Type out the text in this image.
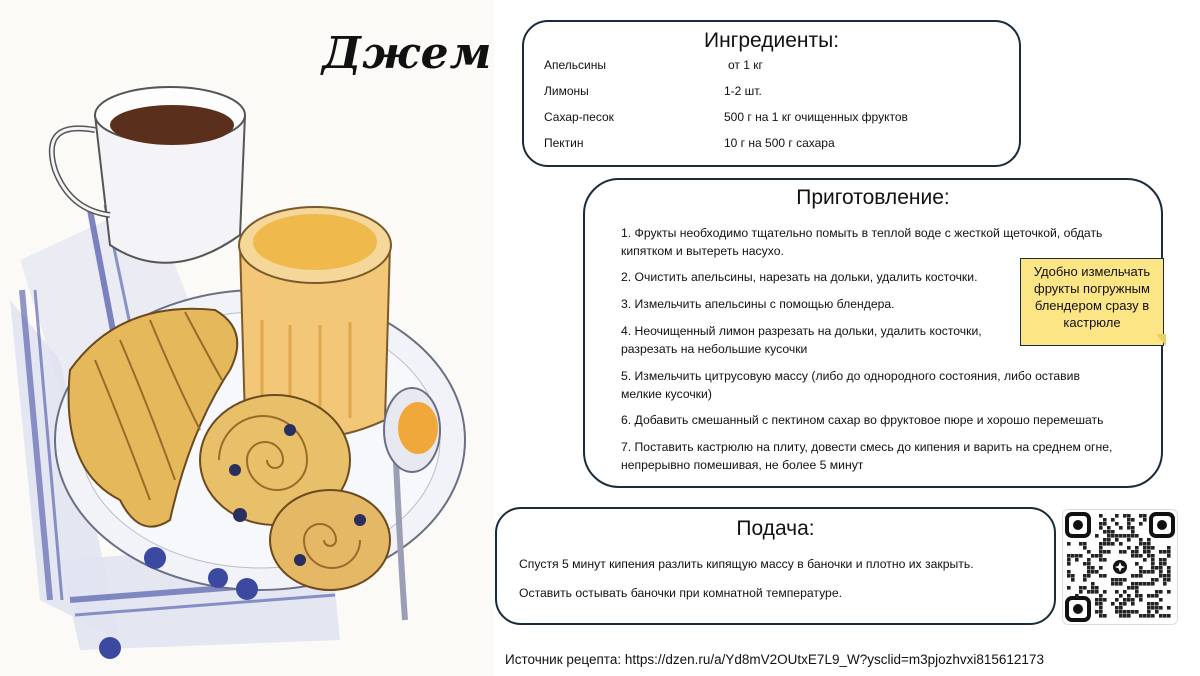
Джем	Ингредиенты:
Апельсины	от 1 кг
Лимоны	1-2 шт.
Сахар-песок	500 г на 1 кг очищенных фруктов
Пектин	10 г на 500 г сахара
Приготовление:
1. Фрукты необходимо тщательно помыть в теплой воде с жесткой щеточкой, обдать кипятком и вытереть насухо.
2. Очистить апельсины, нарезать на дольки, удалить косточки.
3. Измельчить апельсины с помощью блендера.
4. Неочищенный лимон разрезать на дольки, удалить косточки, разрезать на небольшие кусочки
5. Измельчить цитрусовую массу (либо до однородного состояния, либо оставив мелкие кусочки)
6. Добавить смешанный с пектином сахар во фруктовое пюре и хорошо перемешать
7. Поставить кастрюлю на плиту, довести смесь до кипения и варить на среднем огне, непрерывно помешивая, не более 5 минут
Удобно измельчать фрукты погружным блендером сразу в кастрюле
Подача:
Спустя 5 минут кипения разлить кипящую массу в баночки и плотно их закрыть.
Оставить остывать баночки при комнатной температуре.
Источник рецепта: https://dzen.ru/a/Yd8mV2OUtxE7L9_W?ysclid=m3pjozhvxi815612173
